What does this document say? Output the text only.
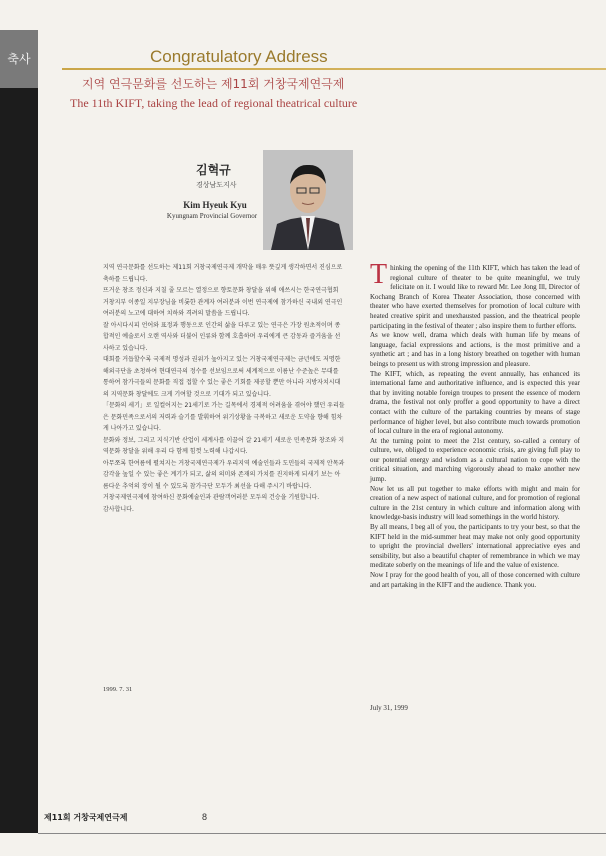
축사	Congratulatory Address
지역 연극문화를 선도하는 제11회 거창국제연극제
The 11th KIFT, taking the lead of regional theatrical culture
김혁규
경상남도지사
Kim Hyeuk Kyu
Kyungnam Provincial Governor

지역 연극문화를 선도하는 제11회 거창국제연극제 개막을 매우 뜻깊게 생각하면서 진심으로 축하를 드립니다.

뜨거운 창조 정신과 지칠 줄 모르는 열정으로 향토문화 창달을 위해 애쓰시는 한국연극협회 거창지부 이종일 지부장님을 비롯한 관계자 여러분과 이번 연극제에 참가하신 국내외 연극인 여러분의 노고에 대하여 치하와 격려의 말씀을 드립니다.

잘 아시다시피 언어와 표정과 행동으로 인간의 삶을 다루고 있는 연극은 가장 원초적이며 종합적인 예술로서 오랜 역사와 더불어 인류와 함께 호흡하며 우리에게 큰 감동과 즐거움을 선사하고 있습니다.

대회를 거듭할수록 국제적 명성과 권위가 높아지고 있는 거창국제연극제는 금년에도 저명한 해외극단을 초청하여 현대연극의 정수를 선보임으로써 세계적으로 이름난 수준높은 무대를 통하여 참가극들의 문화를 직접 접할 수 있는 좋은 기회를 제공할 뿐만 아니라 지방자치시대의 지역문화 창달에도 크게 기여할 것으로 기대가 되고 있습니다.

「문화의 세기」로 일컬어지는 21세기로 가는 길목에서 경제적 어려움을 겪어야 했던 우리들은 문화민족으로서의 저력과 슬기를 발휘하여 위기상황을 극복하고 새로운 도약을 향해 힘차게 나아가고 있습니다.

문화와 정보, 그리고 지식기반 산업이 세계사를 이끌어 갈 21세기 새로운 민족문화 창조와 지역문화 창달을 위해 우리 다 함께 힘껏 노력해 나갑시다.

아무쪼록 한여름에 펼쳐지는 거창국제연극제가 우리지역 예술인들과 도민들의 국제적 안목과 감각을 높일 수 있는 좋은 계기가 되고, 삶의 의미와 존재의 가치를 진지하게 되새기 보는 아름다운 추억의 장이 될 수 있도록 참가극단 모두가 최선을 다해 주시기 바랍니다.

거창국제연극제에 참여하신 문화예술인과 관람객여러분 모두의 건승을 기원합니다.

감사합니다.

1999. 7. 31

Thinking the opening of the 11th KIFT, which has taken the lead of regional culture of theater to be quite meaningful, we truly felicitate on it. I would like to reward Mr. Lee Jong Ill, Director of Kochang Branch of Korea Theater Association, those concerned with theater who have exerted themselves for promotion of local culture with heated creative spirit and unexhausted passion, and the theatrical people participating in the festival of theater ; also inspire them to further efforts.

As we know well, drama which deals with human life by means of language, facial expressions and actions, is the most primitive and a synthetic art ; and has in a long history breathed on together with human beings to present us with strong impression and pleasure.

The KIFT, which, as repeating the event annually, has enhanced its international fame and authoritative influence, and is expected this year that by inviting notable foreign troupes to present the essence of modern drama, the festival not only proffer a good opportunity to have a direct contact with the culture of the partaking countries by means of stage performance of higher level, but also contribute much towards promotion of local culture in the era of regional autonomy.

At the turning point to meet the 21st century, so-called a century of culture, we, obliged to experience economic crisis, are giving full play to our potential energy and wisdom as a cultural nation to cope with the critical situation, and marching vigorously ahead to make another new jump.

Now let us all put together to make efforts with might and main for creation of a new aspect of national culture, and for promotion of regional culture in the 21st century in which culture and information along with knowledge-basis industry will lead somethings in the world history.

By all means, I beg all of you, the participants to try your best, so that the KIFT held in the mid-summer heat may make not only good opportunity to upright the provincial dwellers' international appreciative eyes and sensibility, but also a beautiful chapter of remembrance in which we may meditate soberly on the meanings of life and the value of existence.

Now I pray for the good health of you, all of those concerned with culture and art partaking in the KIFT and the audience. Thank you.

July 31, 1999
제11회 거창국제연극제	8
